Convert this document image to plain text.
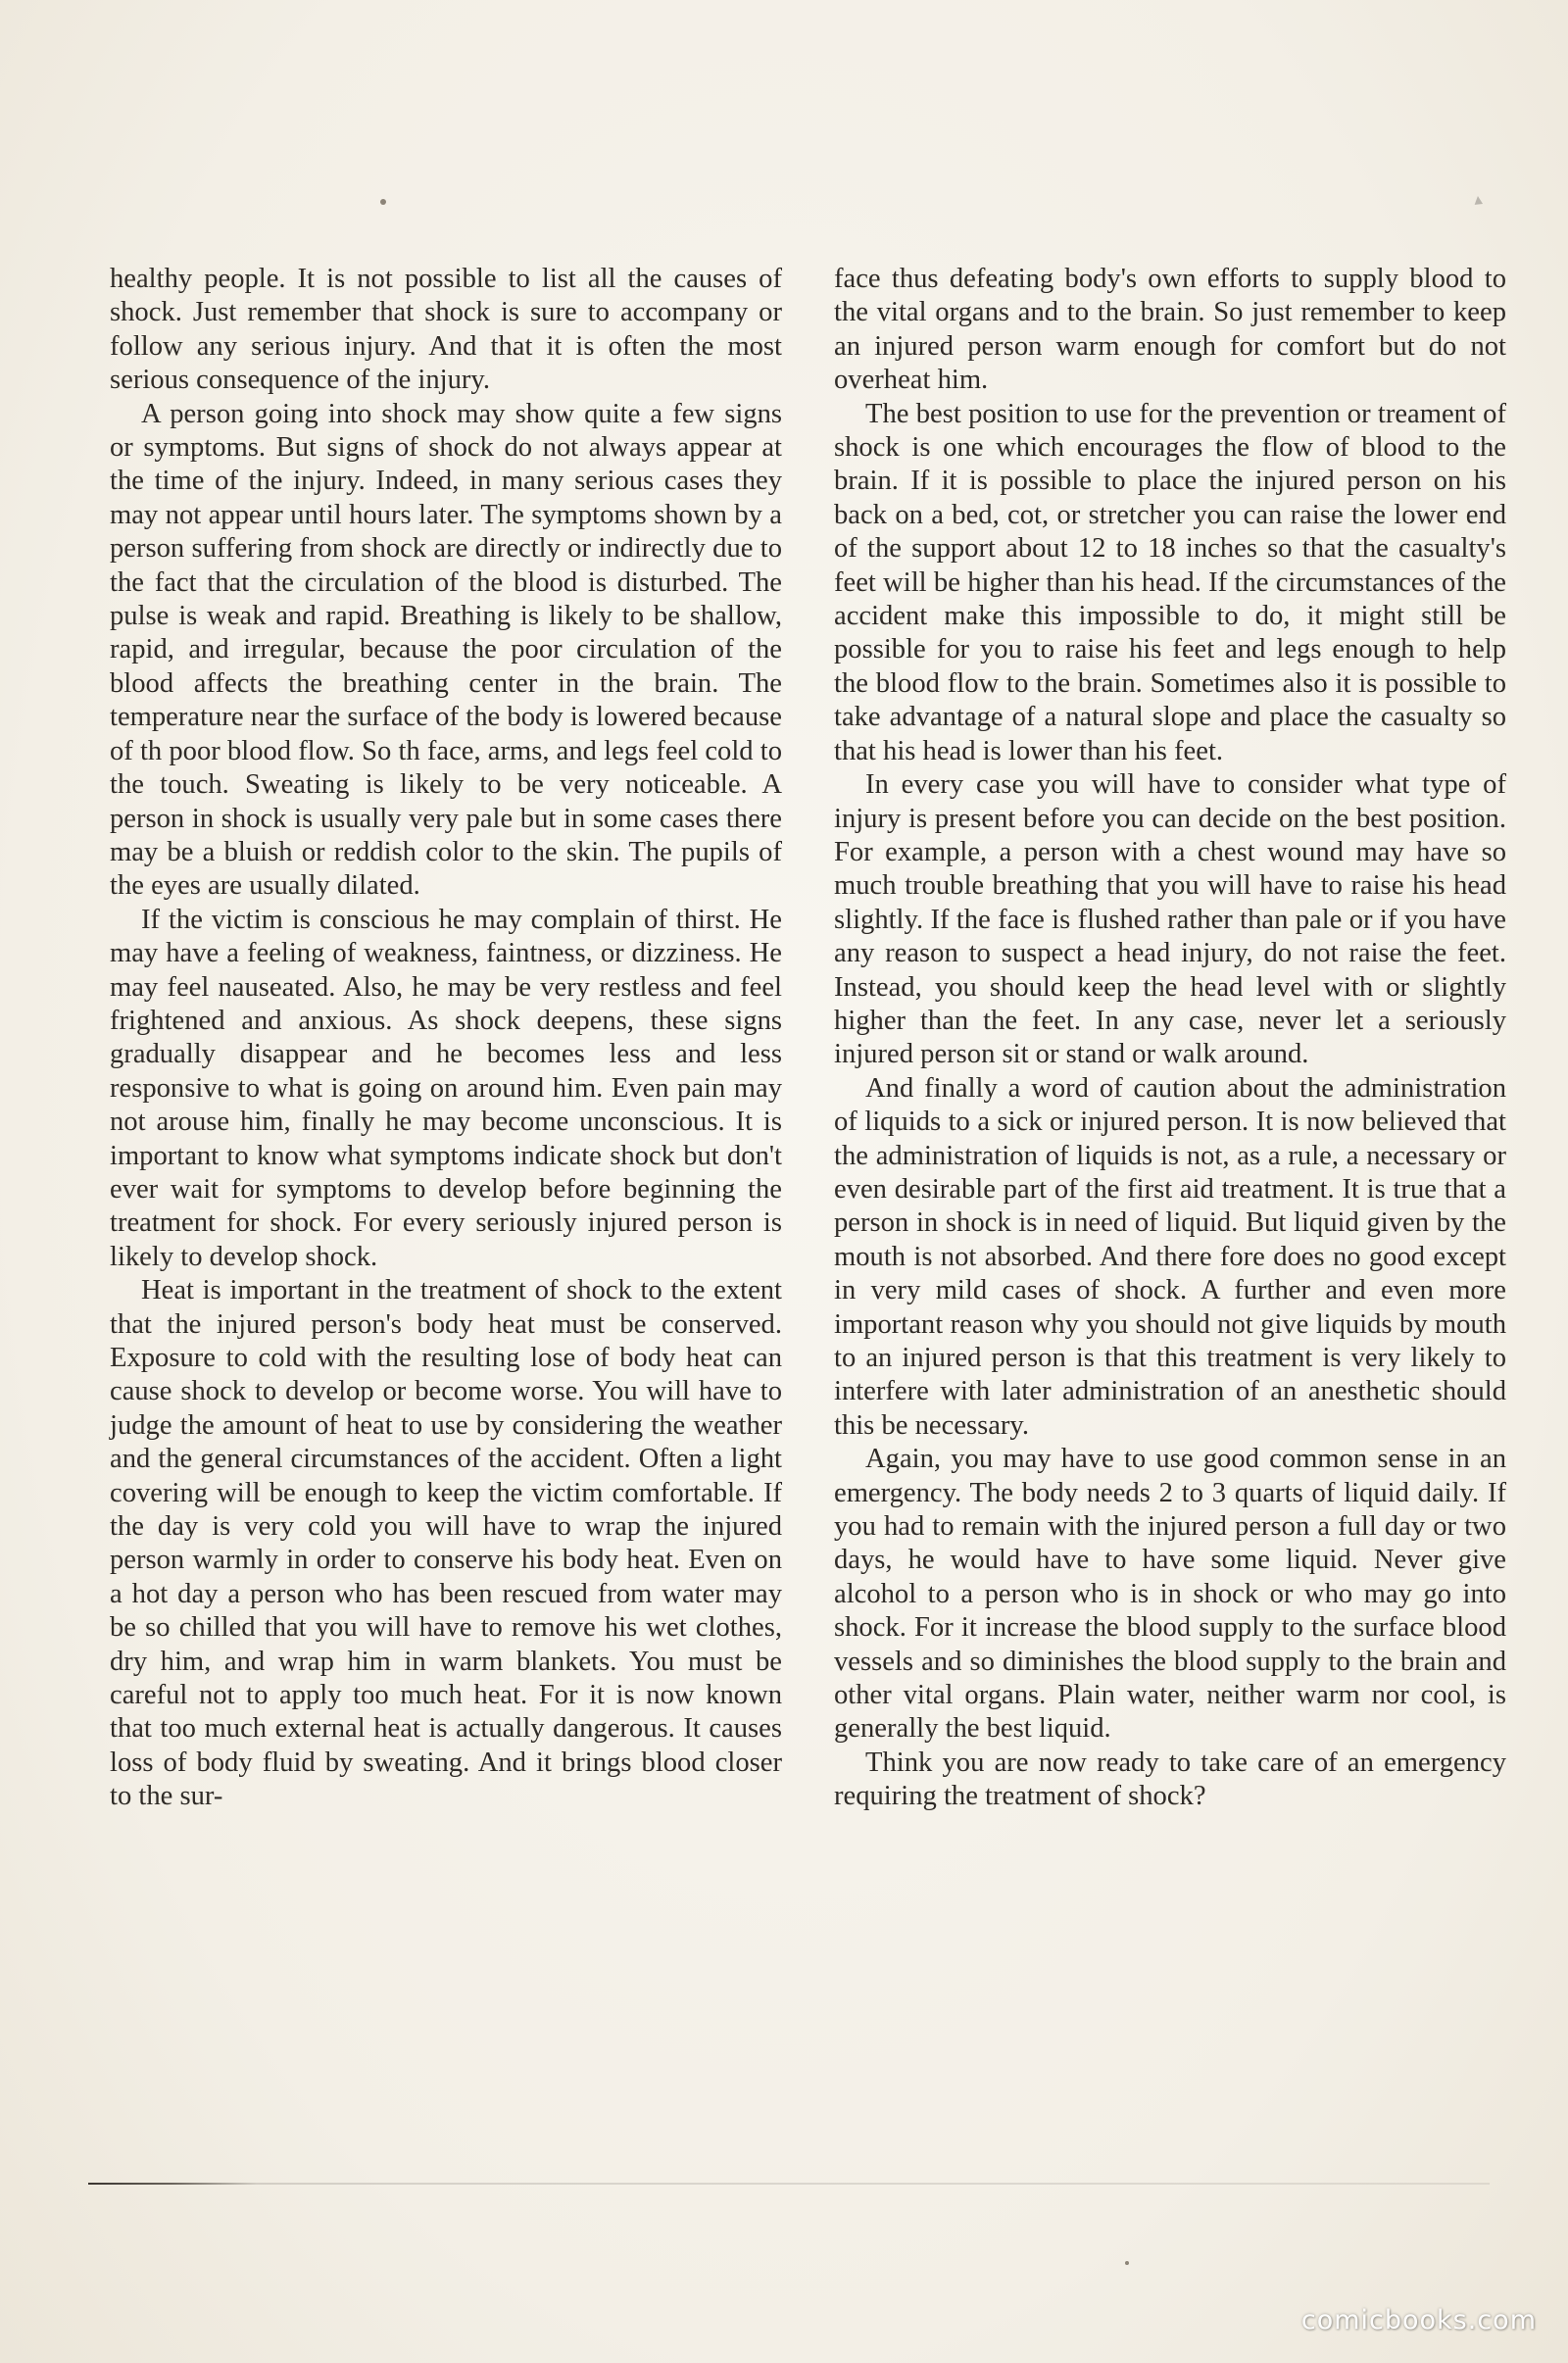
▲

healthy people. It is not possible to list all the causes of shock. Just remember that shock is sure to accompany or follow any serious injury. And that it is often the most serious consequence of the injury.

A person going into shock may show quite a few signs or symptoms. But signs of shock do not always appear at the time of the injury. Indeed, in many serious cases they may not appear until hours later. The symptoms shown by a person suffering from shock are directly or indirectly due to the fact that the circulation of the blood is disturbed. The pulse is weak and rapid. Breathing is likely to be shallow, rapid, and irregular, because the poor circulation of the blood affects the breathing center in the brain. The temperature near the surface of the body is lowered because of th poor blood flow. So th face, arms, and legs feel cold to the touch. Sweating is likely to be very noticeable. A person in shock is usually very pale but in some cases there may be a bluish or reddish color to the skin. The pupils of the eyes are usually dilated.

If the victim is conscious he may complain of thirst. He may have a feeling of weakness, faintness, or dizziness. He may feel nauseated. Also, he may be very restless and feel frightened and anxious. As shock deepens, these signs gradually disappear and he becomes less and less responsive to what is going on around him. Even pain may not arouse him, finally he may become unconscious. It is important to know what symptoms indicate shock but don't ever wait for symptoms to develop before beginning the treatment for shock. For every seriously injured person is likely to develop shock.

Heat is important in the treatment of shock to the extent that the injured person's body heat must be conserved. Exposure to cold with the resulting lose of body heat can cause shock to develop or become worse. You will have to judge the amount of heat to use by considering the weather and the general circumstances of the accident. Often a light covering will be enough to keep the victim comfortable. If the day is very cold you will have to wrap the injured person warmly in order to conserve his body heat. Even on a hot day a person who has been rescued from water may be so chilled that you will have to remove his wet clothes, dry him, and wrap him in warm blankets. You must be careful not to apply too much heat. For it is now known that too much external heat is actually dangerous. It causes loss of body fluid by sweating. And it brings blood closer to the sur-

face thus defeating body's own efforts to supply blood to the vital organs and to the brain. So just remember to keep an injured person warm enough for comfort but do not overheat him.

The best position to use for the prevention or treament of shock is one which encourages the flow of blood to the brain. If it is possible to place the injured person on his back on a bed, cot, or stretcher you can raise the lower end of the support about 12 to 18 inches so that the casualty's feet will be higher than his head. If the circumstances of the accident make this impossible to do, it might still be possible for you to raise his feet and legs enough to help the blood flow to the brain. Sometimes also it is possible to take advantage of a natural slope and place the casualty so that his head is lower than his feet.

In every case you will have to consider what type of injury is present before you can decide on the best position. For example, a person with a chest wound may have so much trouble breathing that you will have to raise his head slightly. If the face is flushed rather than pale or if you have any reason to suspect a head injury, do not raise the feet. Instead, you should keep the head level with or slightly higher than the feet. In any case, never let a seriously injured person sit or stand or walk around.

And finally a word of caution about the administration of liquids to a sick or injured person. It is now believed that the administration of liquids is not, as a rule, a necessary or even desirable part of the first aid treatment. It is true that a person in shock is in need of liquid. But liquid given by the mouth is not absorbed. And there fore does no good except in very mild cases of shock. A further and even more important reason why you should not give liquids by mouth to an injured person is that this treatment is very likely to interfere with later administration of an anesthetic should this be necessary.

Again, you may have to use good common sense in an emergency. The body needs 2 to 3 quarts of liquid daily. If you had to remain with the injured person a full day or two days, he would have to have some liquid. Never give alcohol to a person who is in shock or who may go into shock. For it increase the blood supply to the surface blood vessels and so diminishes the blood supply to the brain and other vital organs. Plain water, neither warm nor cool, is generally the best liquid.

Think you are now ready to take care of an emergency requiring the treatment of shock?

comicbooks.com
